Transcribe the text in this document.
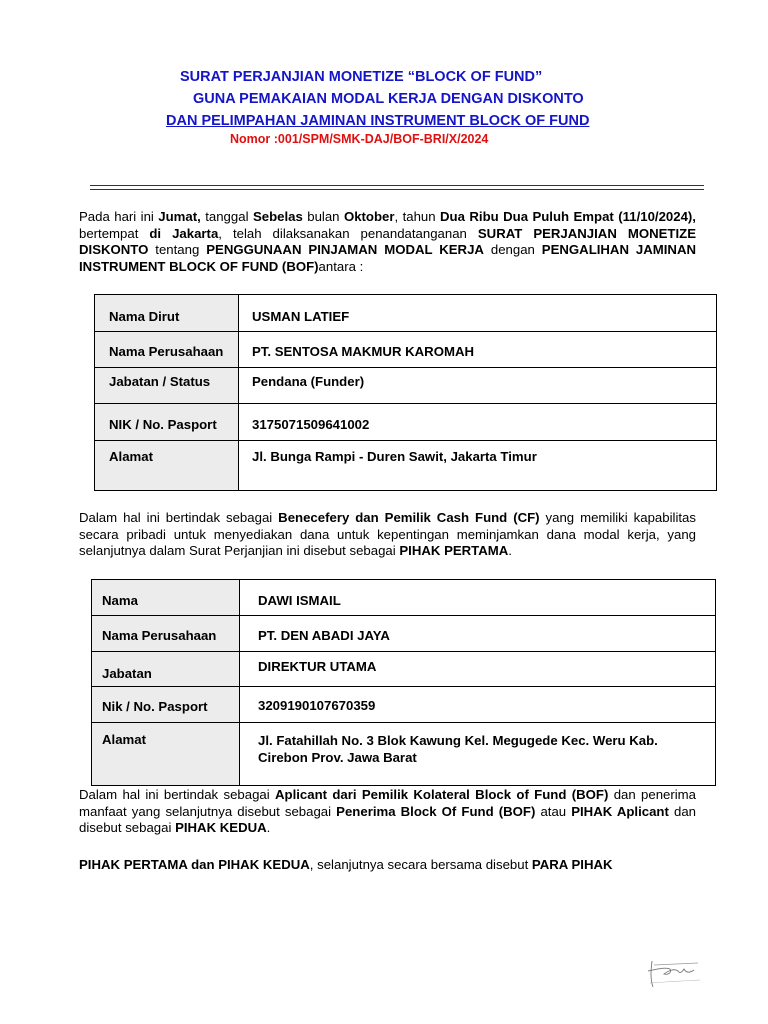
SURAT PERJANJIAN MONETIZE “BLOCK OF FUND”
GUNA PEMAKAIAN MODAL KERJA DENGAN DISKONTO
DAN PELIMPAHAN JAMINAN INSTRUMENT BLOCK OF FUND
Nomor :001/SPM/SMK-DAJ/BOF-BRI/X/2024
Pada hari ini Jumat, tanggal Sebelas bulan Oktober, tahun Dua Ribu Dua Puluh Empat (11/10/2024), bertempat di Jakarta, telah dilaksanakan penandatanganan SURAT PERJANJIAN MONETIZE DISKONTO tentang PENGGUNAAN PINJAMAN MODAL KERJA dengan PENGALIHAN JAMINAN INSTRUMENT BLOCK OF FUND (BOF)antara :
Nama Dirut	USMAN LATIEF
Nama Perusahaan	PT. SENTOSA MAKMUR KAROMAH
Jabatan / Status	Pendana (Funder)
NIK / No. Pasport	3175071509641002
Alamat	Jl. Bunga Rampi - Duren Sawit, Jakarta Timur
Dalam hal ini bertindak sebagai Benecefery dan Pemilik Cash Fund (CF) yang memiliki kapabilitas secara pribadi untuk menyediakan dana untuk kepentingan meminjamkan dana modal kerja, yang selanjutnya dalam Surat Perjanjian ini disebut sebagai PIHAK PERTAMA.
Nama	DAWI ISMAIL
Nama Perusahaan	PT. DEN ABADI JAYA
Jabatan	DIREKTUR UTAMA
Nik / No. Pasport	3209190107670359
Alamat	Jl. Fatahillah No. 3 Blok Kawung Kel. Megugede Kec. Weru Kab. Cirebon Prov. Jawa Barat
Dalam hal ini bertindak sebagai Aplicant dari Pemilik Kolateral Block of Fund (BOF) dan penerima manfaat yang selanjutnya disebut sebagai Penerima Block Of Fund (BOF) atau PIHAK Aplicant dan disebut sebagai PIHAK KEDUA.
PIHAK PERTAMA dan PIHAK KEDUA, selanjutnya secara bersama disebut PARA PIHAK
